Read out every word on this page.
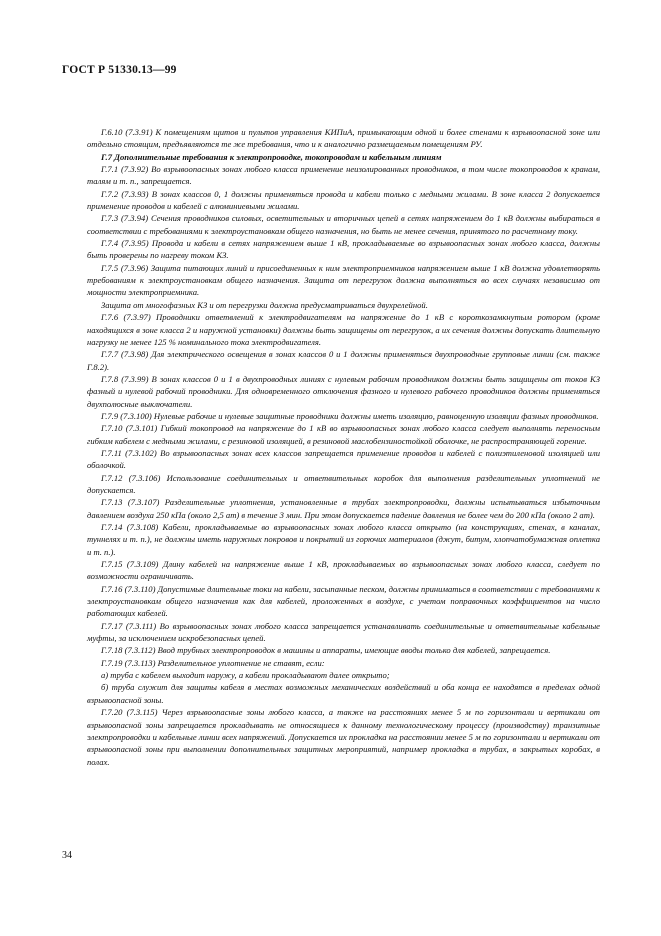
ГОСТ Р 51330.13—99

Г.6.10 (7.3.91) К помещениям щитов и пультов управления КИПиА, примыкающим одной и более стенами к взрывоопасной зоне или отдельно стоящим, предъявляются те же требования, что и к аналогично размещаемым помещениям РУ.

Г.7 Дополнительные требования к электропроводке, токопроводам и кабельным линиям

Г.7.1 (7.3.92) Во взрывоопасных зонах любого класса применение неизолированных проводников, в том числе токопроводов к кранам, талям и т. п., запрещается.

Г.7.2 (7.3.93) В зонах классов 0, 1 должны применяться провода и кабели только с медными жилами. В зоне класса 2 допускается применение проводов и кабелей с алюминиевыми жилами.

Г.7.3 (7.3.94) Сечения проводников силовых, осветительных и вторичных цепей в сетях напряжением до 1 кВ должны выбираться в соответствии с требованиями к электроустановкам общего назначения, но быть не менее сечения, принятого по расчетному току.

Г.7.4 (7.3.95) Провода и кабели в сетях напряжением выше 1 кВ, прокладываемые во взрывоопасных зонах любого класса, должны быть проверены по нагреву током КЗ.

Г.7.5 (7.3.96) Защита питающих линий и присоединенных к ним электроприемников напряжением выше 1 кВ должна удовлетворять требованиям к электроустановкам общего назначения. Защита от перегрузок должна выполняться во всех случаях независимо от мощности электроприемника.

Защита от многофазных КЗ и от перегрузки должна предусматриваться двухрелейной.

Г.7.6 (7.3.97) Проводники ответвлений к электродвигателям на напряжение до 1 кВ с короткозамкнутым ротором (кроме находящихся в зоне класса 2 и наружной установки) должны быть защищены от перегрузок, а их сечения должны допускать длительную нагрузку не менее 125 % номинального тока электродвигателя.

Г.7.7 (7.3.98) Для электрического освещения в зонах классов 0 и 1 должны применяться двухпроводные групповые линии (см. также Г.8.2).

Г.7.8 (7.3.99) В зонах классов 0 и 1 в двухпроводных линиях с нулевым рабочим проводником должны быть защищены от токов КЗ фазный и нулевой рабочий проводники. Для одновременного отключения фазного и нулевого рабочего проводников должны применяться двухполюсные выключатели.

Г.7.9 (7.3.100) Нулевые рабочие и нулевые защитные проводники должны иметь изоляцию, равноценную изоляции фазных проводников.

Г.7.10 (7.3.101) Гибкий токопровод на напряжение до 1 кВ во взрывоопасных зонах любого класса следует выполнять переносным гибким кабелем с медными жилами, с резиновой изоляцией, в резиновой маслобензиностойкой оболочке, не распространяющей горение.

Г.7.11 (7.3.102) Во взрывоопасных зонах всех классов запрещается применение проводов и кабелей с полиэтиленовой изоляцией или оболочкой.

Г.7.12 (7.3.106) Использование соединительных и ответвительных коробок для выполнения разделительных уплотнений не допускается.

Г.7.13 (7.3.107) Разделительные уплотнения, установленные в трубах электропроводки, должны испытываться избыточным давлением воздуха 250 кПа (около 2,5 ат) в течение 3 мин. При этом допускается падение давления не более чем до 200 кПа (около 2 ат).

Г.7.14 (7.3.108) Кабели, прокладываемые во взрывоопасных зонах любого класса открыто (на конструкциях, стенах, в каналах, туннелях и т. п.), не должны иметь наружных покровов и покрытий из горючих материалов (джут, битум, хлопчатобумажная оплетка и т. п.).

Г.7.15 (7.3.109) Длину кабелей на напряжение выше 1 кВ, прокладываемых во взрывоопасных зонах любого класса, следует по возможности ограничивать.

Г.7.16 (7.3.110) Допустимые длительные токи на кабели, засыпанные песком, должны приниматься в соответствии с требованиями к электроустановкам общего назначения как для кабелей, проложенных в воздухе, с учетом поправочных коэффициентов на число работающих кабелей.

Г.7.17 (7.3.111) Во взрывоопасных зонах любого класса запрещается устанавливать соединительные и ответвительные кабельные муфты, за исключением искробезопасных цепей.

Г.7.18 (7.3.112) Ввод трубных электропроводок в машины и аппараты, имеющие вводы только для кабелей, запрещается.

Г.7.19 (7.3.113) Разделительное уплотнение не ставят, если:

а) труба с кабелем выходит наружу, а кабели прокладывают далее открыто;

б) труба служит для защиты кабеля в местах возможных механических воздействий и оба конца ее находятся в пределах одной взрывоопасной зоны.

Г.7.20 (7.3.115) Через взрывоопасные зоны любого класса, а также на расстояниях менее 5 м по горизонтали и вертикали от взрывоопасной зоны запрещается прокладывать не относящиеся к данному технологическому процессу (производству) транзитные электропроводки и кабельные линии всех напряжений. Допускается их прокладка на расстоянии менее 5 м по горизонтали и вертикали от взрывоопасной зоны при выполнении дополнительных защитных мероприятий, например прокладка в трубах, в закрытых коробах, в полах.

34
